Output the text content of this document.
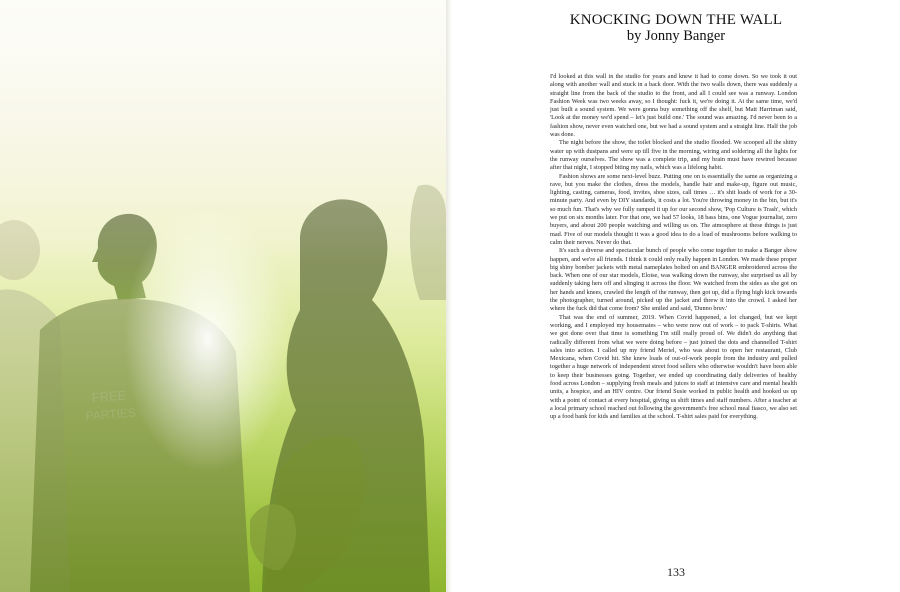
KNOCKING DOWN THE WALL
by Jonny Banger

I'd looked at this wall in the studio for years and knew it had to come down. So we took it out along with another wall and stuck in a back door. With the two walls down, there was suddenly a straight line from the back of the studio to the front, and all I could see was a runway. London Fashion Week was two weeks away, so I thought: fuck it, we're doing it. At the same time, we'd just built a sound system. We were gonna buy something off the shelf, but Matt Harriman said, 'Look at the money we'd spend – let's just build one.' The sound was amazing. I'd never been to a fashion show, never even watched one, but we had a sound system and a straight line. Half the job was done.

The night before the show, the toilet blocked and the studio flooded. We scooped all the shitty water up with dustpans and were up till five in the morning, wiring and soldering all the lights for the runway ourselves. The show was a complete trip, and my brain must have rewired because after that night, I stopped biting my nails, which was a lifelong habit.

Fashion shows are some next-level buzz. Putting one on is essentially the same as organizing a rave, but you make the clothes, dress the models, handle hair and make-up, figure out music, lighting, casting, cameras, food, invites, shoe sizes, call times … it's shit loads of work for a 30-minute party. And even by DIY standards, it costs a lot. You're throwing money in the bin, but it's so much fun. That's why we fully ramped it up for our second show, 'Pop Culture is Trash', which we put on six months later. For that one, we had 57 looks, 18 bass bins, one Vogue journalist, zero buyers, and about 200 people watching and willing us on. The atmosphere at these things is just mad. Five of our models thought it was a good idea to do a load of mushrooms before walking to calm their nerves. Never do that.

It's such a diverse and spectacular bunch of people who come together to make a Banger show happen, and we're all friends. I think it could only really happen in London. We made these proper big shiny bomber jackets with metal nameplates bolted on and BANGER embroidered across the back. When one of our star models, Eloise, was walking down the runway, she surprised us all by suddenly taking hers off and slinging it across the floor. We watched from the sides as she got on her hands and knees, crawled the length of the runway, then got up, did a flying high kick towards the photographer, turned around, picked up the jacket and threw it into the crowd. I asked her where the fuck did that come from? She smiled and said, 'Dunno bruv.'

That was the end of summer, 2019. When Covid happened, a lot changed, but we kept working, and I employed my housemates – who were now out of work – to pack T-shirts. What we got done over that time is something I'm still really proud of. We didn't do anything that radically different from what we were doing before – just joined the dots and channelled T-shirt sales into action. I called up my friend Meriel, who was about to open her restaurant, Club Mexicana, when Covid hit. She knew loads of out-of-work people from the industry and pulled together a huge network of independent street food sellers who otherwise wouldn't have been able to keep their businesses going. Together, we ended up coordinating daily deliveries of healthy food across London – supplying fresh meals and juices to staff at intensive care and mental health units, a hospice, and an HIV centre. Our friend Susie worked in public health and hooked us up with a point of contact at every hospital, giving us shift times and staff numbers. After a teacher at a local primary school reached out following the government's free school meal fiasco, we also set up a food bank for kids and families at the school. T-shirt sales paid for everything.

133
